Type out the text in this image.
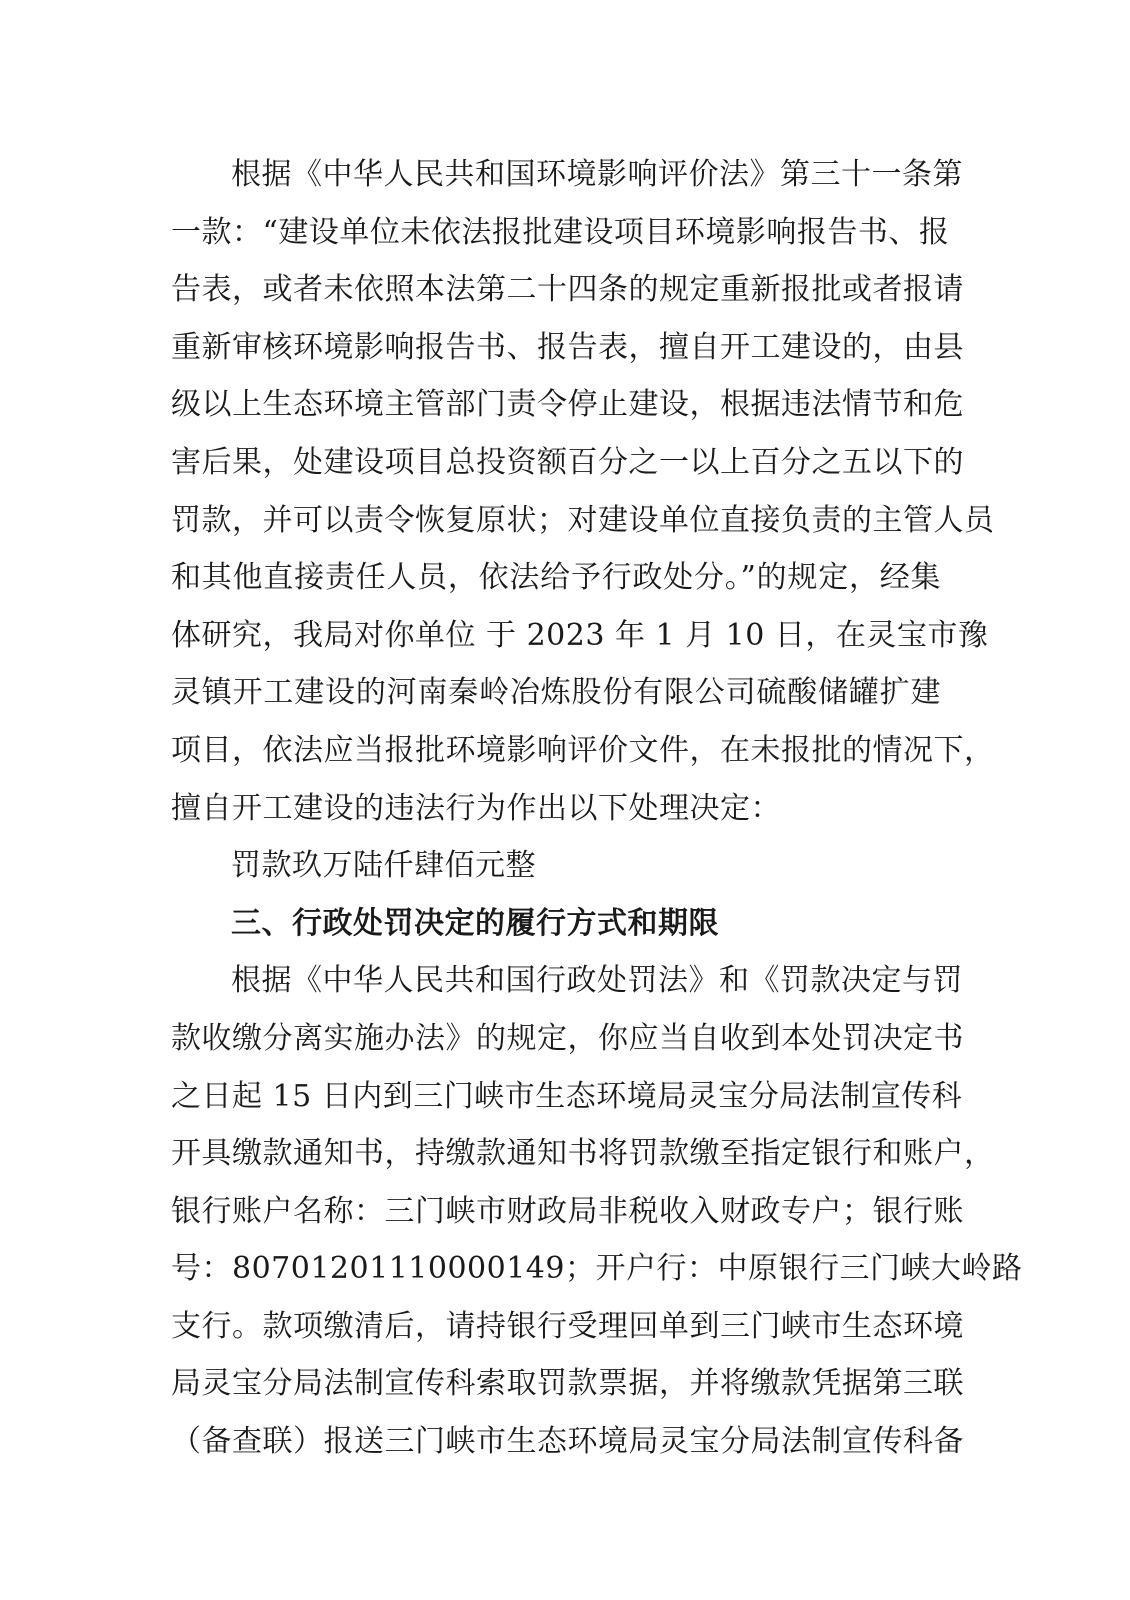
根据《中华人民共和国环境影响评价法》第三十一条第
一款：“建设单位未依法报批建设项目环境影响报告书、报
告表，或者未依照本法第二十四条的规定重新报批或者报请
重新审核环境影响报告书、报告表，擅自开工建设的，由县
级以上生态环境主管部门责令停止建设，根据违法情节和危
害后果，处建设项目总投资额百分之一以上百分之五以下的
罚款，并可以责令恢复原状；对建设单位直接负责的主管人员
和其他直接责任人员，依法给予行政处分。”的规定，经集
体研究，我局对你单位 于 2023 年 1 月 10 日，在灵宝市豫
灵镇开工建设的河南秦岭冶炼股份有限公司硫酸储罐扩建
项目，依法应当报批环境影响评价文件，在未报批的情况下，
擅自开工建设的违法行为作出以下处理决定：
罚款玖万陆仟肆佰元整
三、行政处罚决定的履行方式和期限
根据《中华人民共和国行政处罚法》和《罚款决定与罚
款收缴分离实施办法》的规定，你应当自收到本处罚决定书
之日起 15 日内到三门峡市生态环境局灵宝分局法制宣传科
开具缴款通知书，持缴款通知书将罚款缴至指定银行和账户，
银行账户名称：三门峡市财政局非税收入财政专户；银行账
号：80701201110000149；开户行：中原银行三门峡大岭路
支行。款项缴清后，请持银行受理回单到三门峡市生态环境
局灵宝分局法制宣传科索取罚款票据，并将缴款凭据第三联
（备查联）报送三门峡市生态环境局灵宝分局法制宣传科备
